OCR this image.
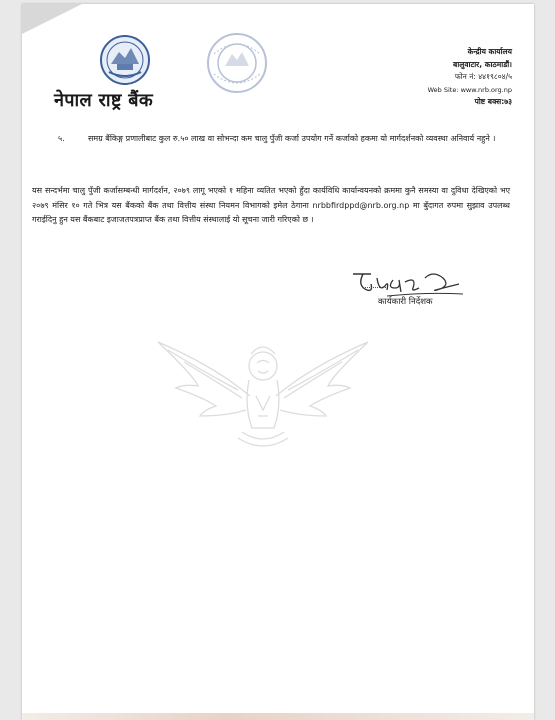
नेपाल राष्ट्र बैंक
केन्द्रीय कार्यालय
बालुवाटार, काठमाडौं।
फोन नं: ४४१९८०४/५
Web Site: www.nrb.org.np
पोष्ट बक्स:७३
५.	समग्र बैंकिङ्ग प्रणालीबाट कुल रु.५० लाख वा सोभन्दा कम चालु पुँजी कर्जा उपयोग गर्ने कर्जाको हकमा यो मार्गदर्शनको व्यवस्था अनिवार्य नहुने ।
यस सन्दर्भमा चालु पुँजी कर्जासम्बन्धी मार्गदर्शन, २०७९ लागू भएको १ महिना व्यतित भएको हुँदा कार्यविधि कार्यान्वयनको क्रममा कुनै समस्या वा दुविधा देखिएको भए २०७९ मंसिर १० गते भित्र यस बैंकको बैंक तथा वित्तीय संस्था नियमन विभागको इमेल ठेगाना nrbbfirdppd@nrb.org.np मा बुँदागत रुपमा सुझाव उपलब्ध गराईदिनु हुन यस बैंकबाट इजाजतपत्रप्राप्त बैंक तथा वित्तीय संस्थालाई यो सूचना जारी गरिएको छ ।
कार्यकारी निर्देशक
